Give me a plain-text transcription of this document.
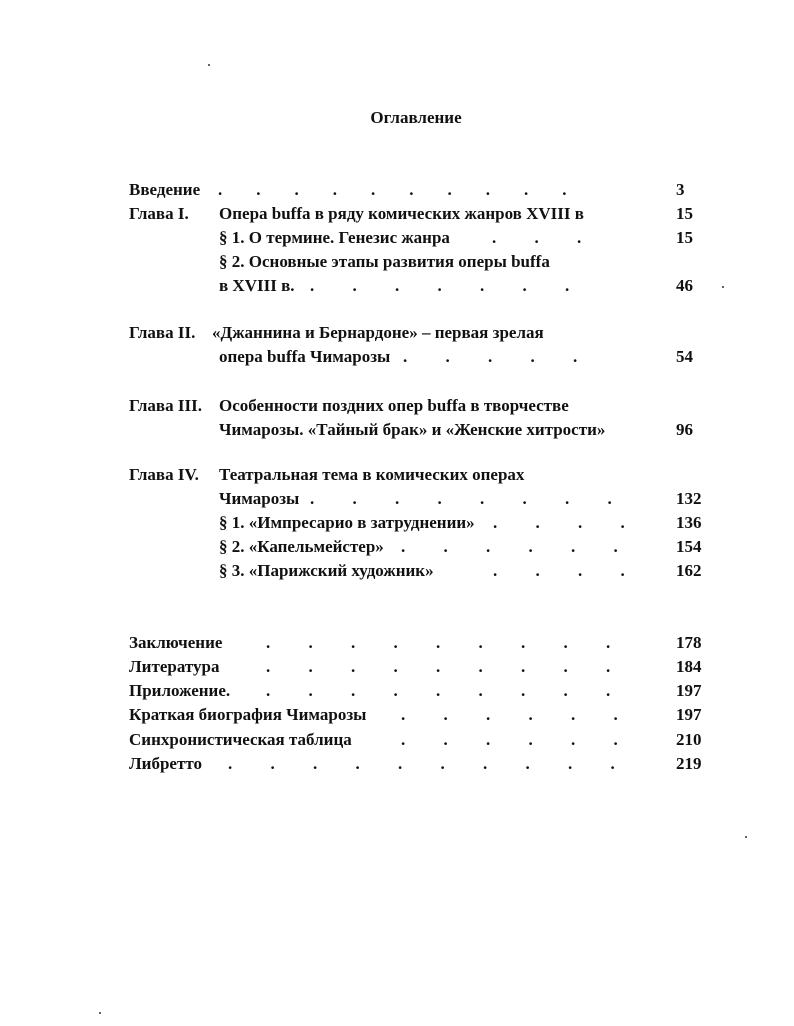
Оглавление
Введение .        .        .        .        .        .        .        .        .        .	3
Глава I. Опера buffa в ряду комических жанров XVIII в	15
§ 1. О термине. Генезис жанра .         .         .	15
§ 2. Основные этапы развития оперы buffa
в XVIII в. .         .         .         .         .         .         .	46
Глава II. «Джаннина и Бернардоне» – первая зрелая
опера buffa Чимарозы .         .         .         .         .	54
Глава III. Особенности поздних опер buffa в творчестве
Чимарозы. «Тайный брак» и «Женские хитрости»	96
Глава IV. Театральная тема в комических операх
Чимарозы .         .         .         .         .         .         .         .	132
§ 1. «Импресарио в затруднении» .         .         .         .	136
§ 2. «Капельмейстер» .         .         .         .         .         .	154
§ 3. «Парижский художник»	.         .         .         .	162
Заключение	.         .         .         .         .         .         .         .         .	178
Литература	.         .         .         .         .         .         .         .         .	184
Приложение. .         .         .         .         .         .         .         .         .	197
Краткая биография Чимарозы .         .         .         .         .         .	197
Синхронистическая таблица	.         .         .         .         .         .	210
Либретто .         .         .         .         .         .         .         .         .         .	219
